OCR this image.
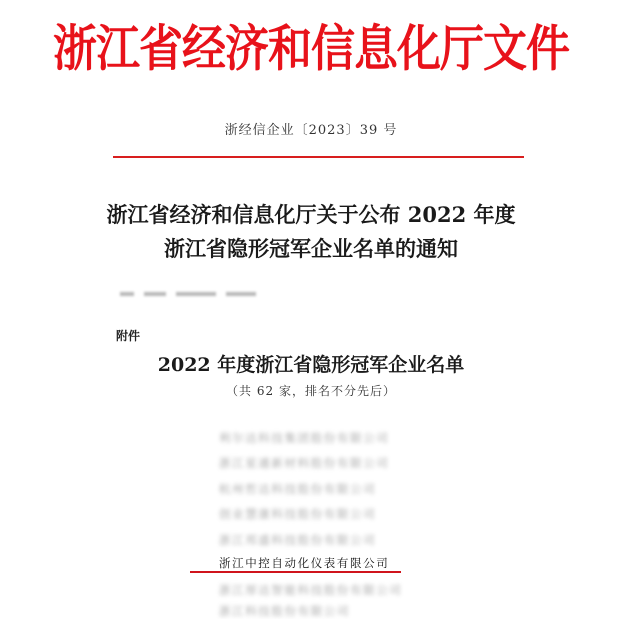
浙江省经济和信息化厅文件
浙经信企业〔2023〕39 号
浙江省经济和信息化厅关于公布 2022 年度
浙江省隐形冠军企业名单的通知
附件
2022 年度浙江省隐形冠军企业名单
（共 62 家，排名不分先后）
利尔达科技集团股份有限公司
浙江星通新材料股份有限公司
杭州哲达科技股份有限公司
创业慧康科技股份有限公司
浙江邦盛科技股份有限公司
浙江中控自动化仪表有限公司
浙江厚达智能科技股份有限公司
浙江科技股份有限公司
